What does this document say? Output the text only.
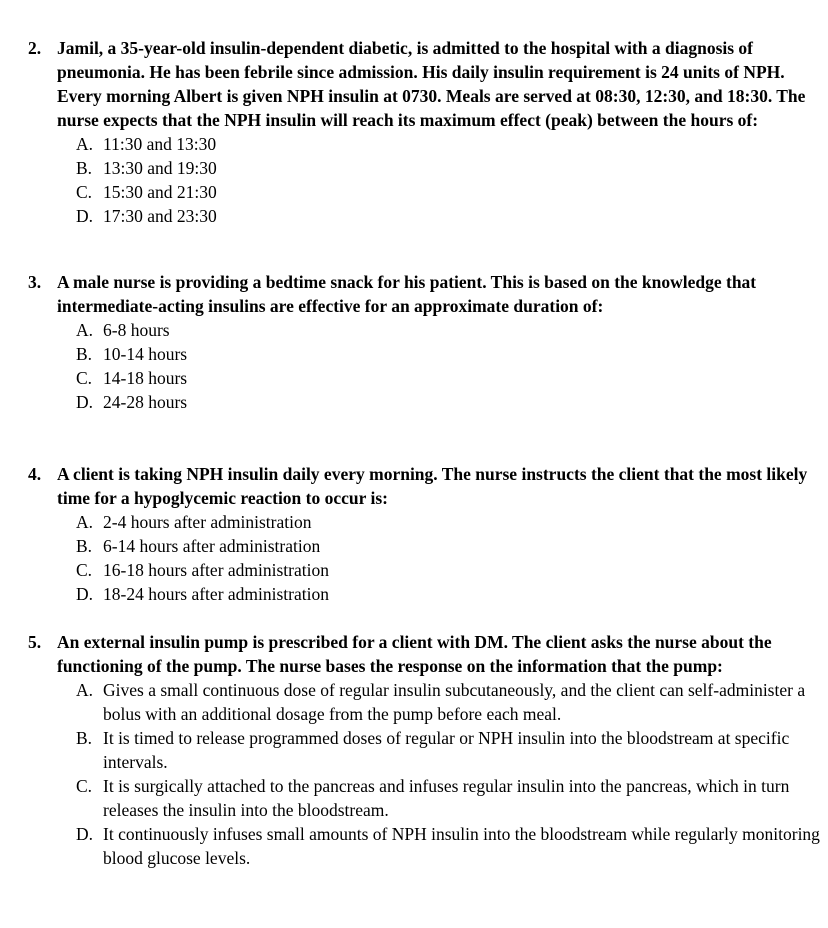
2. Jamil, a 35-year-old insulin-dependent diabetic, is admitted to the hospital with a diagnosis of pneumonia. He has been febrile since admission. His daily insulin requirement is 24 units of NPH. Every morning Albert is given NPH insulin at 0730. Meals are served at 08:30, 12:30, and 18:30. The nurse expects that the NPH insulin will reach its maximum effect (peak) between the hours of:
A. 11:30 and 13:30
B. 13:30 and 19:30
C. 15:30 and 21:30
D. 17:30 and 23:30
3. A male nurse is providing a bedtime snack for his patient. This is based on the knowledge that intermediate-acting insulins are effective for an approximate duration of:
A. 6-8 hours
B. 10-14 hours
C. 14-18 hours
D. 24-28 hours
4. A client is taking NPH insulin daily every morning. The nurse instructs the client that the most likely time for a hypoglycemic reaction to occur is:
A. 2-4 hours after administration
B. 6-14 hours after administration
C. 16-18 hours after administration
D. 18-24 hours after administration
5. An external insulin pump is prescribed for a client with DM. The client asks the nurse about the functioning of the pump. The nurse bases the response on the information that the pump:
A. Gives a small continuous dose of regular insulin subcutaneously, and the client can self-administer a bolus with an additional dosage from the pump before each meal.
B. It is timed to release programmed doses of regular or NPH insulin into the bloodstream at specific intervals.
C. It is surgically attached to the pancreas and infuses regular insulin into the pancreas, which in turn releases the insulin into the bloodstream.
D. It continuously infuses small amounts of NPH insulin into the bloodstream while regularly monitoring blood glucose levels.
